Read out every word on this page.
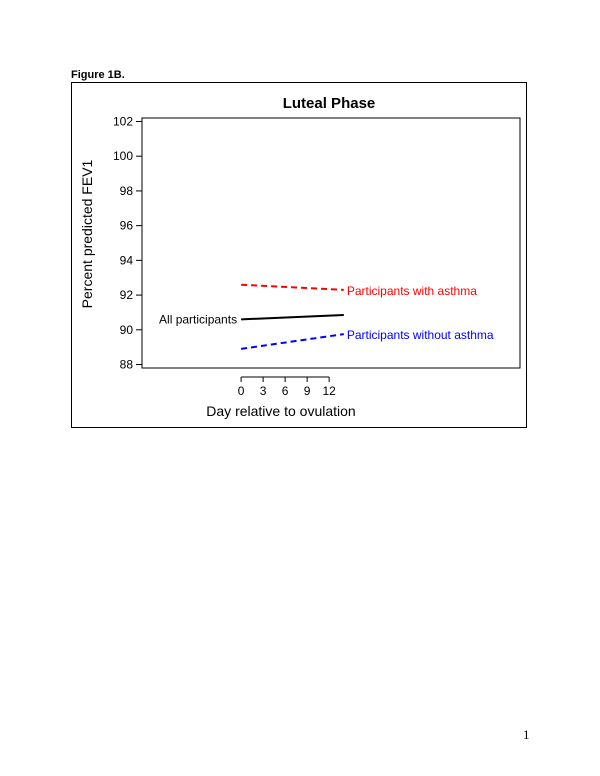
Figure 1B.
Luteal Phase
88
90
92
94
96
98
100
102
0 3 6 9 12
Participants with asthma
All participants
Participants without asthma
Percent predicted FEV1
Day relative to ovulation
1
